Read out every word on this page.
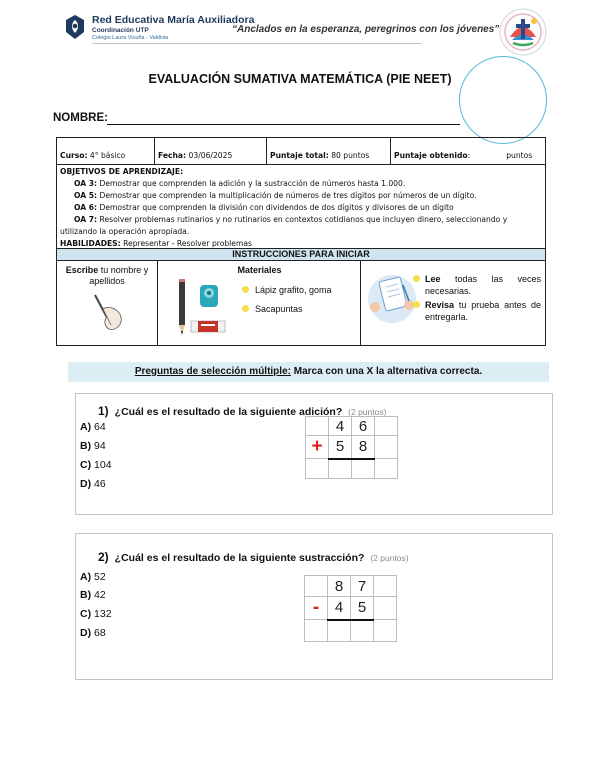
Red Educativa María Auxiliadora
Coordinación UTP
Colegio Laura Vicuña - Valdivia
“Anclados en la esperanza, peregrinos con los jóvenes”
EVALUACIÓN SUMATIVA MATEMÁTICA (PIE NEET)
NOMBRE:
Curso: 4° básico	Fecha: 03/06/2025	Puntaje total: 80 puntos	Puntaje obtenido:	puntos
OBJETIVOS DE APRENDIZAJE:
OA 3: Demostrar que comprenden la adición y la sustracción de números hasta 1.000.
OA 5: Demostrar que comprenden la multiplicación de números de tres dígitos por números de un dígito.
OA 6: Demostrar que comprenden la división con dividendos de dos dígitos y divisores de un dígito
OA 7: Resolver problemas rutinarios y no rutinarios en contextos cotidianos que incluyen dinero, seleccionando y
utilizando la operación apropiada.
HABILIDADES: Representar - Resolver problemas
INSTRUCCIONES PARA INICIAR
Escribe tu nombre y apellidos
Materiales
Lápiz grafito, goma
Sacapuntas
Lee todas las veces necesarias.
Revisa tu prueba antes de entregarla.
Preguntas de selección múltiple: Marca con una X la alternativa correcta.
1) ¿Cuál es el resultado de la siguiente adición? (2 puntos)
A) 64
B) 94
C) 104
D) 46
	4	6	
+	5	8	

2) ¿Cuál es el resultado de la siguiente sustracción? (2 puntos)
A) 52
B) 42
C) 132
D) 68
	8	7	
-	4	5	
